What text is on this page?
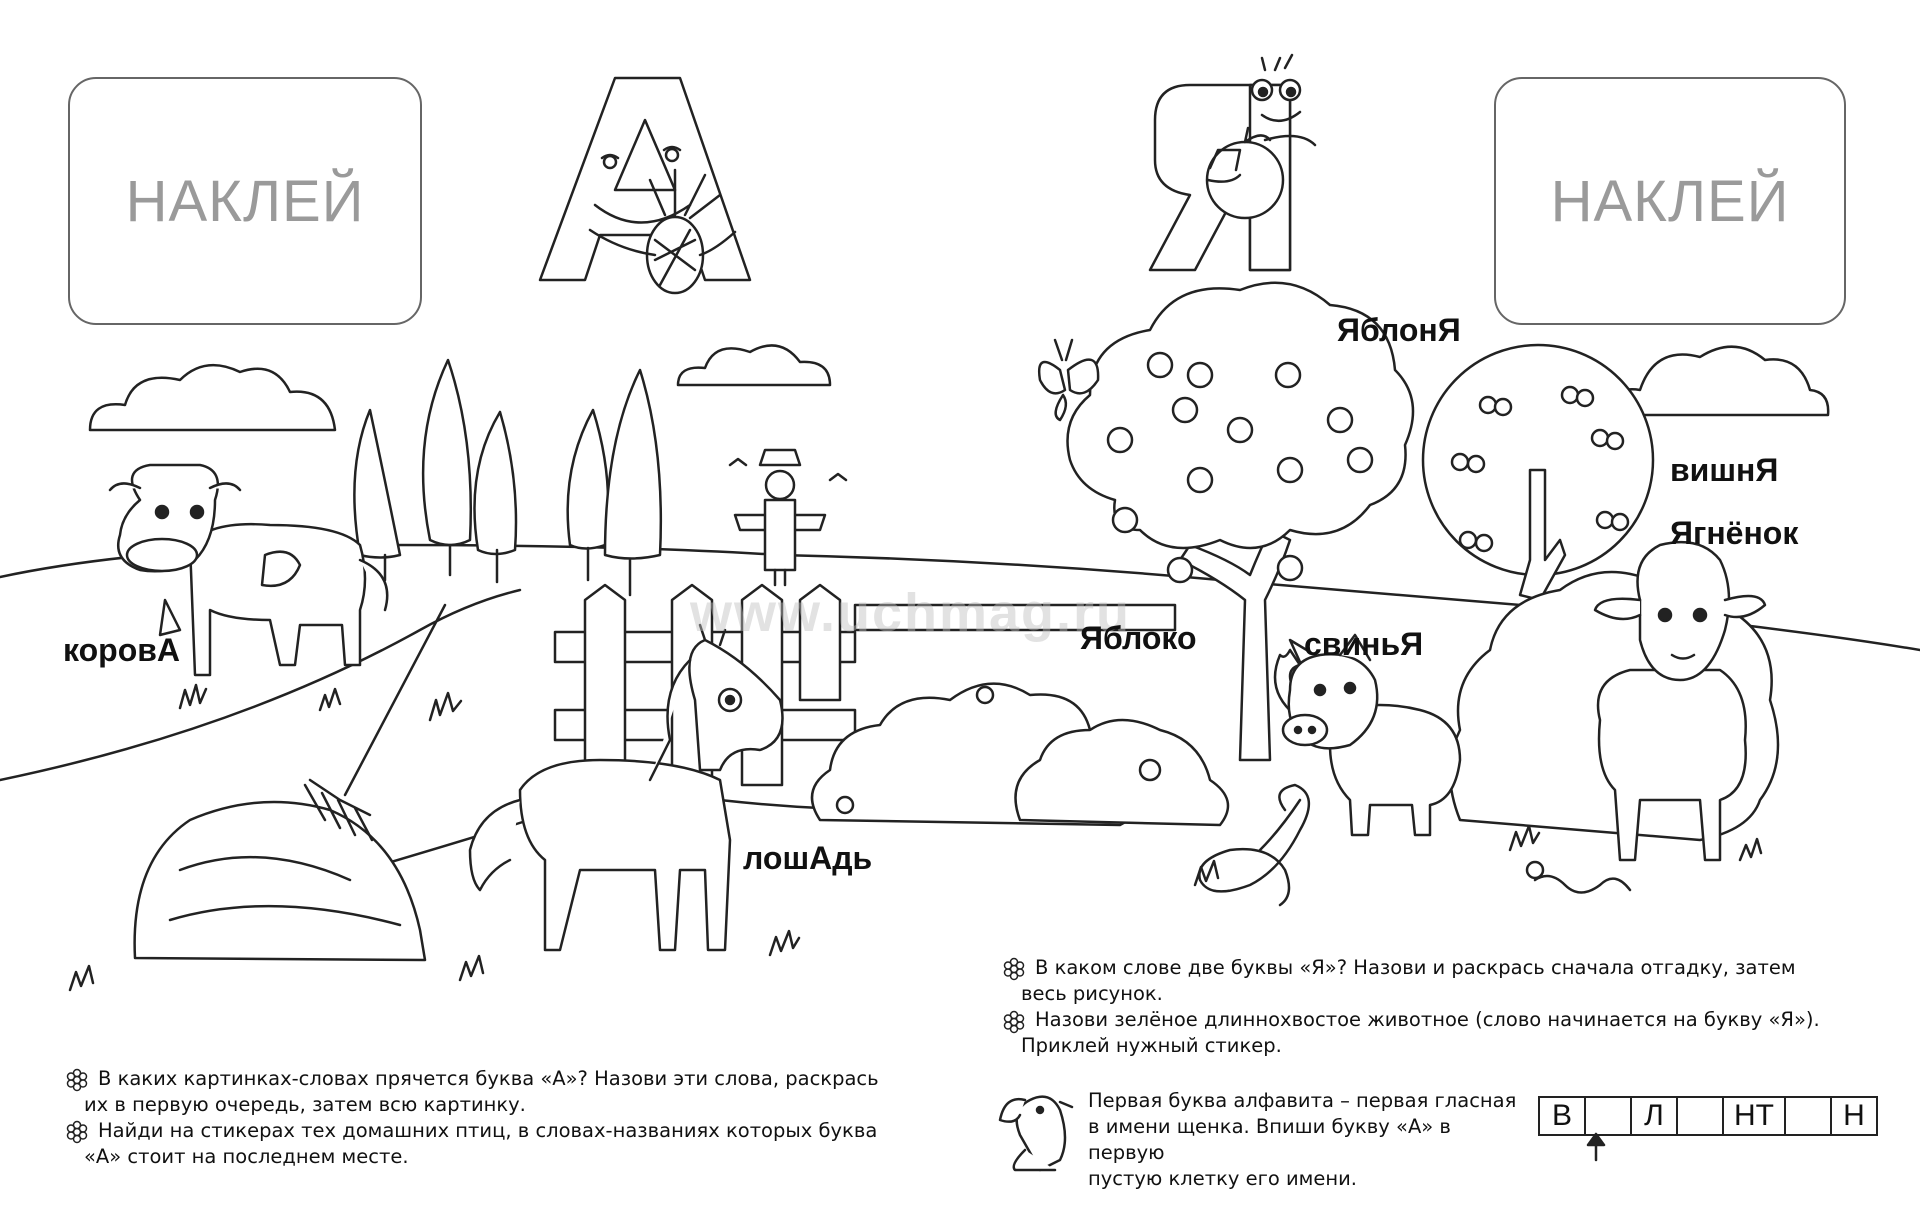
НАКЛЕЙ	НАКЛЕЙ
www.uchmag.ru
коровА
лошАдь
ЯблонЯ
Яблоко
вишнЯ
Ягнёнок
свиньЯ
В каких картинках-словах прячется буква «А»? Назови эти слова, раскрась
их в первую очередь, затем всю картинку.
Найди на стикерах тех домашних птиц, в словах-названиях которых буква
«А» стоит на последнем месте.
В каком слове две буквы «Я»? Назови и раскрась сначала отгадку, затем
весь рисунок.
Назови зелёное длиннохвостое животное (слово начинается на букву «Я»).
Приклей нужный стикер.
Первая буква алфавита – первая гласная
в имени щенка. Впиши букву «А» в первую
пустую клетку его имени.
В	Л	НТ	Н
